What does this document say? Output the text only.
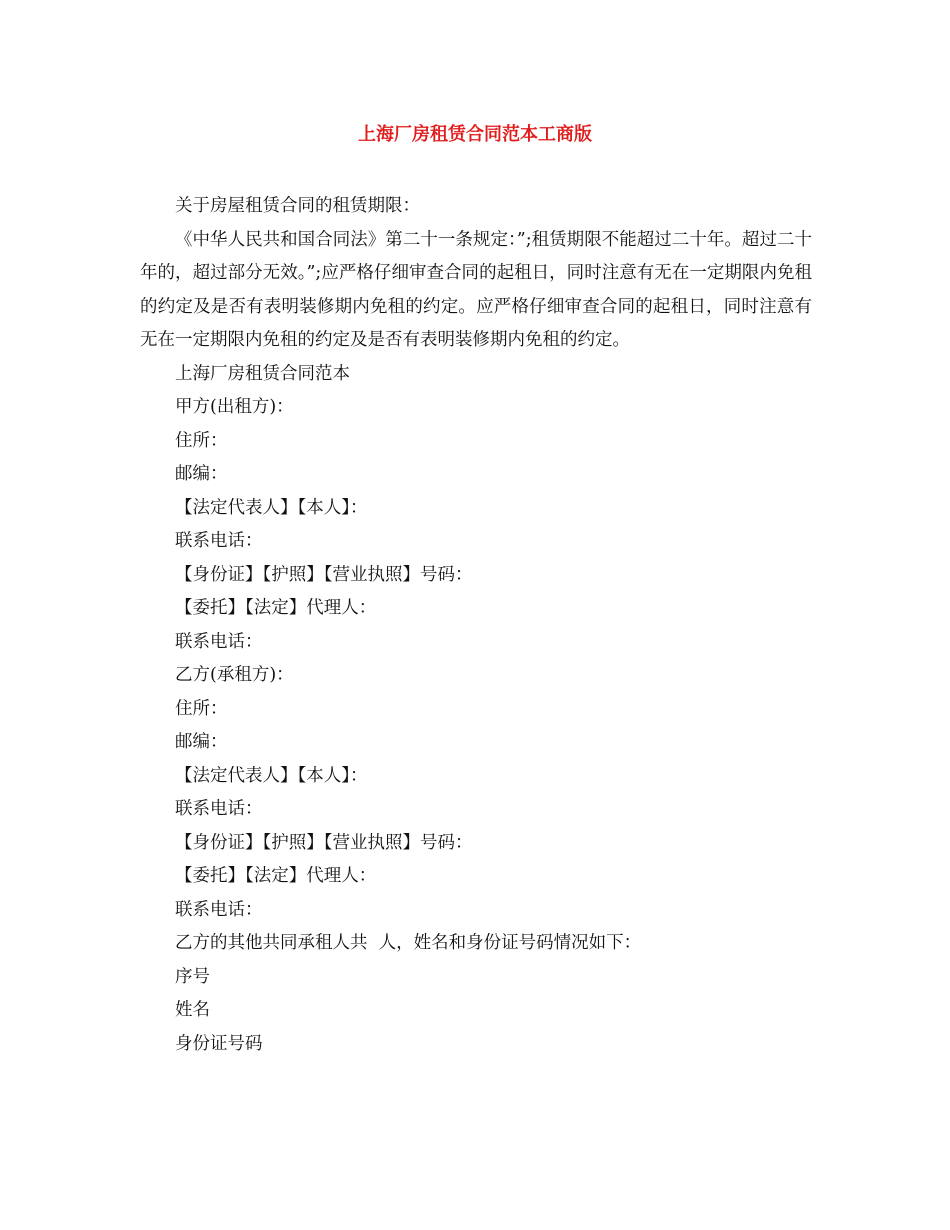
上海厂房租赁合同范本工商版

关于房屋租赁合同的租赁期限：

《中华人民共和国合同法》第二十一条规定：”;租赁期限不能超过二十年。超过二十年的，超过部分无效。”;应严格仔细审查合同的起租日，同时注意有无在一定期限内免租的约定及是否有表明装修期内免租的约定。应严格仔细审查合同的起租日，同时注意有无在一定期限内免租的约定及是否有表明装修期内免租的约定。

上海厂房租赁合同范本

甲方(出租方)：

住所：

邮编：

【法定代表人】【本人】：

联系电话：

【身份证】【护照】【营业执照】号码：

【委托】【法定】代理人：

联系电话：

乙方(承租方)：

住所：

邮编：

【法定代表人】【本人】：

联系电话：

【身份证】【护照】【营业执照】号码：

【委托】【法定】代理人：

联系电话：

乙方的其他共同承租人共  人，姓名和身份证号码情况如下：

序号

姓名

身份证号码
